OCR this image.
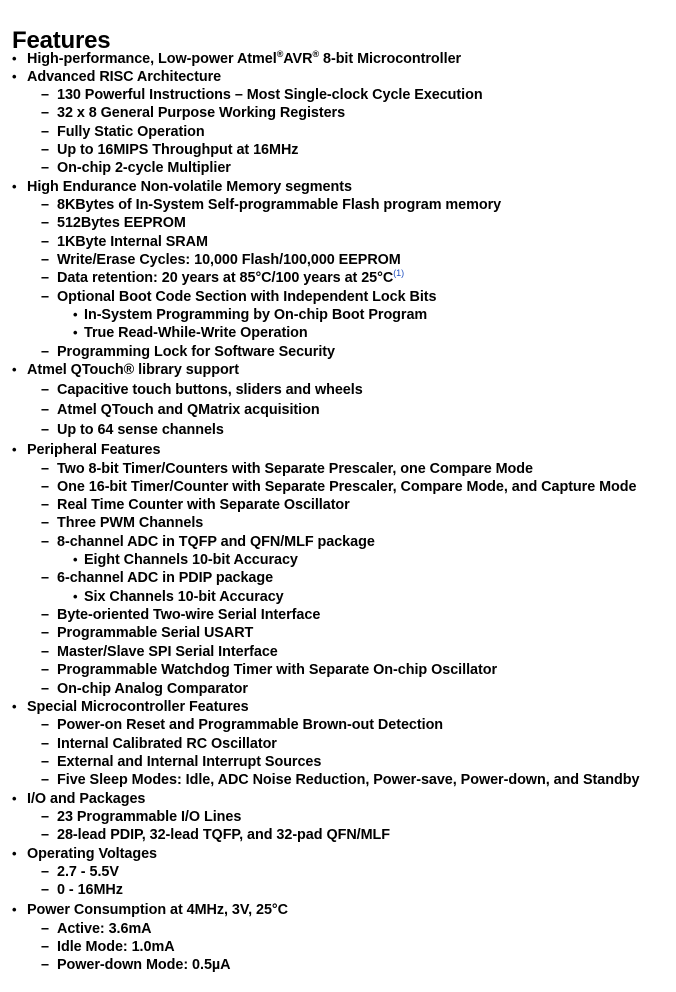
Features
• High-performance, Low-power Atmel®AVR® 8-bit Microcontroller
• Advanced RISC Architecture
– 130 Powerful Instructions – Most Single-clock Cycle Execution
– 32 x 8 General Purpose Working Registers
– Fully Static Operation
– Up to 16MIPS Throughput at 16MHz
– On-chip 2-cycle Multiplier
• High Endurance Non-volatile Memory segments
– 8KBytes of In-System Self-programmable Flash program memory
– 512Bytes EEPROM
– 1KByte Internal SRAM
– Write/Erase Cycles: 10,000 Flash/100,000 EEPROM
– Data retention: 20 years at 85°C/100 years at 25°C$^{(1)}$
– Optional Boot Code Section with Independent Lock Bits
• In-System Programming by On-chip Boot Program
• True Read-While-Write Operation
– Programming Lock for Software Security
• Atmel QTouch® library support
– Capacitive touch buttons, sliders and wheels
– Atmel QTouch and QMatrix acquisition
– Up to 64 sense channels
• Peripheral Features
– Two 8-bit Timer/Counters with Separate Prescaler, one Compare Mode
– One 16-bit Timer/Counter with Separate Prescaler, Compare Mode, and Capture Mode
– Real Time Counter with Separate Oscillator
– Three PWM Channels
– 8-channel ADC in TQFP and QFN/MLF package
• Eight Channels 10-bit Accuracy
– 6-channel ADC in PDIP package
• Six Channels 10-bit Accuracy
– Byte-oriented Two-wire Serial Interface
– Programmable Serial USART
– Master/Slave SPI Serial Interface
– Programmable Watchdog Timer with Separate On-chip Oscillator
– On-chip Analog Comparator
• Special Microcontroller Features
– Power-on Reset and Programmable Brown-out Detection
– Internal Calibrated RC Oscillator
– External and Internal Interrupt Sources
– Five Sleep Modes: Idle, ADC Noise Reduction, Power-save, Power-down, and Standby
• I/O and Packages
– 23 Programmable I/O Lines
– 28-lead PDIP, 32-lead TQFP, and 32-pad QFN/MLF
• Operating Voltages
– 2.7 - 5.5V
– 0 - 16MHz
• Power Consumption at 4MHz, 3V, 25°C
– Active: 3.6mA
– Idle Mode: 1.0mA
– Power-down Mode: 0.5µA
